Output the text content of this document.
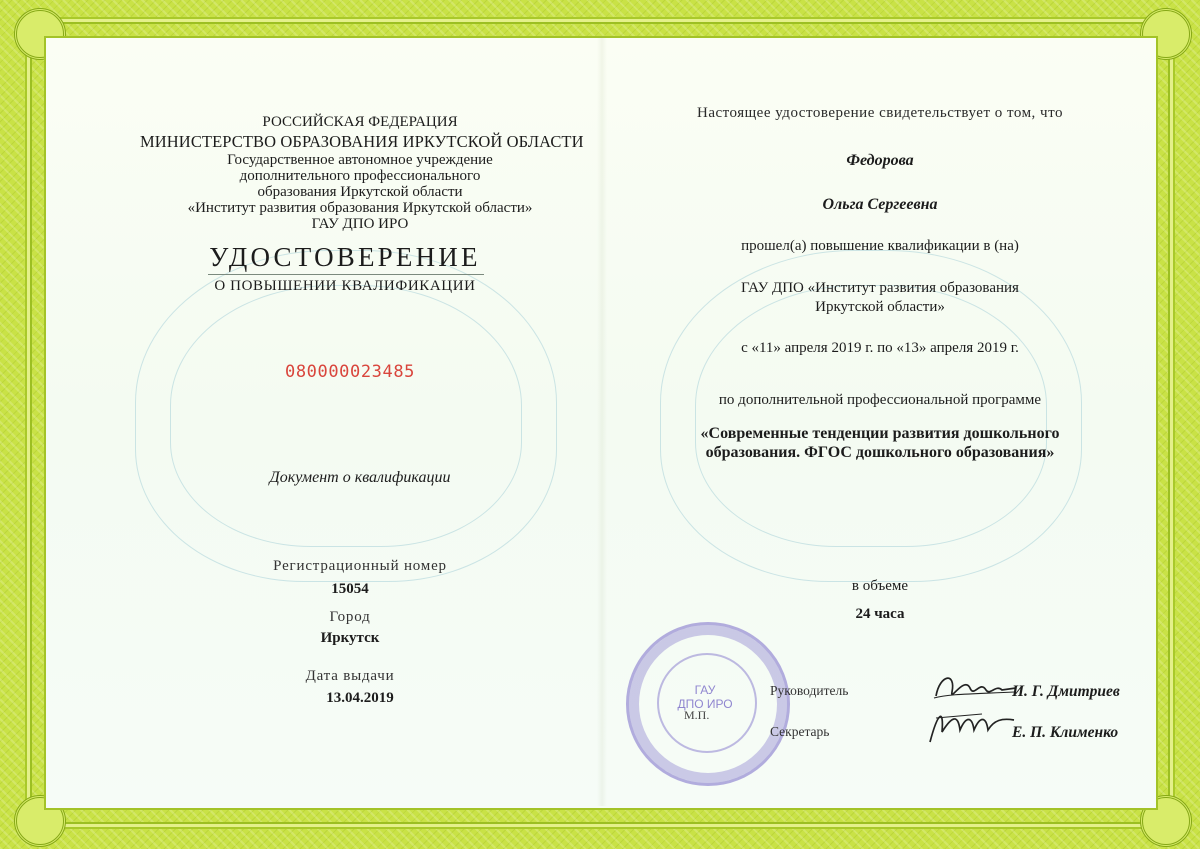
РОССИЙСКАЯ ФЕДЕРАЦИЯ
МИНИСТЕРСТВО ОБРАЗОВАНИЯ ИРКУТСКОЙ ОБЛАСТИ
Государственное автономное учреждение
дополнительного профессионального
образования Иркутской области
«Институт развития образования Иркутской области»
ГАУ ДПО ИРО
УДОСТОВЕРЕНИЕ
О ПОВЫШЕНИИ КВАЛИФИКАЦИИ
080000023485
Документ о квалификации
Регистрационный номер
15054
Город
Иркутск
Дата выдачи
13.04.2019
Настоящее удостоверение свидетельствует о том, что
Федорова
Ольга Сергеевна
прошел(а) повышение квалификации в (на)
ГАУ ДПО «Институт развития образования
Иркутской области»
с «11» апреля 2019 г. по «13» апреля 2019 г.
по дополнительной профессиональной программе
«Современные тенденции развития дошкольного
образования. ФГОС дошкольного образования»
в объеме
24 часа
ГАУ
ДПО ИРО
М.П.
Руководитель
Секретарь
И. Г. Дмитриев
Е. П. Клименко
